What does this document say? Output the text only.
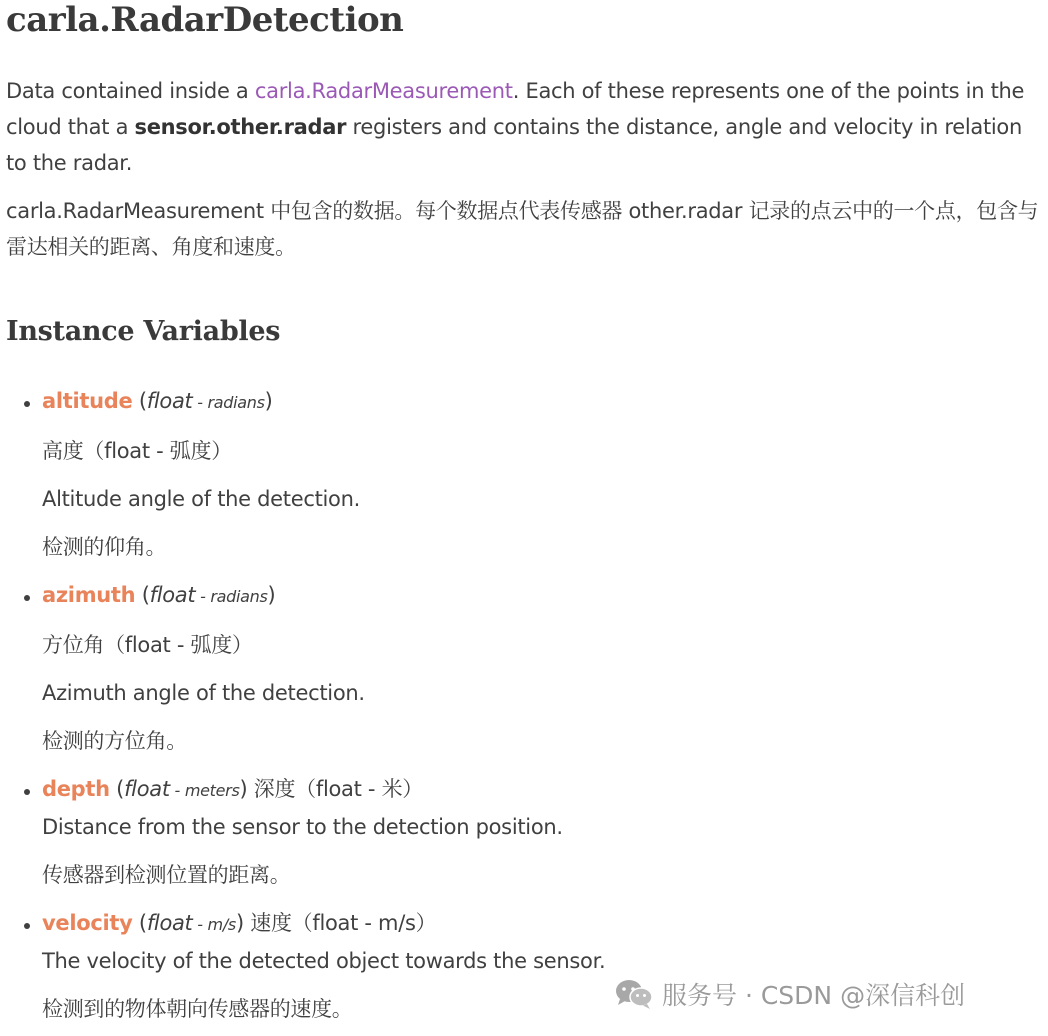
carla.RadarDetection

Data contained inside a carla.RadarMeasurement. Each of these represents one of the points in the cloud that a sensor.other.radar registers and contains the distance, angle and velocity in relation to the radar.

carla.RadarMeasurement 中包含的数据。每个数据点代表传感器 other.radar 记录的点云中的一个点，包含与雷达相关的距离、角度和速度。

Instance Variables
altitude (float - radians)
高度（float - 弧度）
Altitude angle of the detection.
检测的仰角。
azimuth (float - radians)
方位角（float - 弧度）
Azimuth angle of the detection.
检测的方位角。
depth (float - meters) 深度（float - 米）
Distance from the sensor to the detection position.
传感器到检测位置的距离。
velocity (float - m/s) 速度（float - m/s）
The velocity of the detected object towards the sensor.
检测到的物体朝向传感器的速度。	服务号 · CSDN @深信科创
